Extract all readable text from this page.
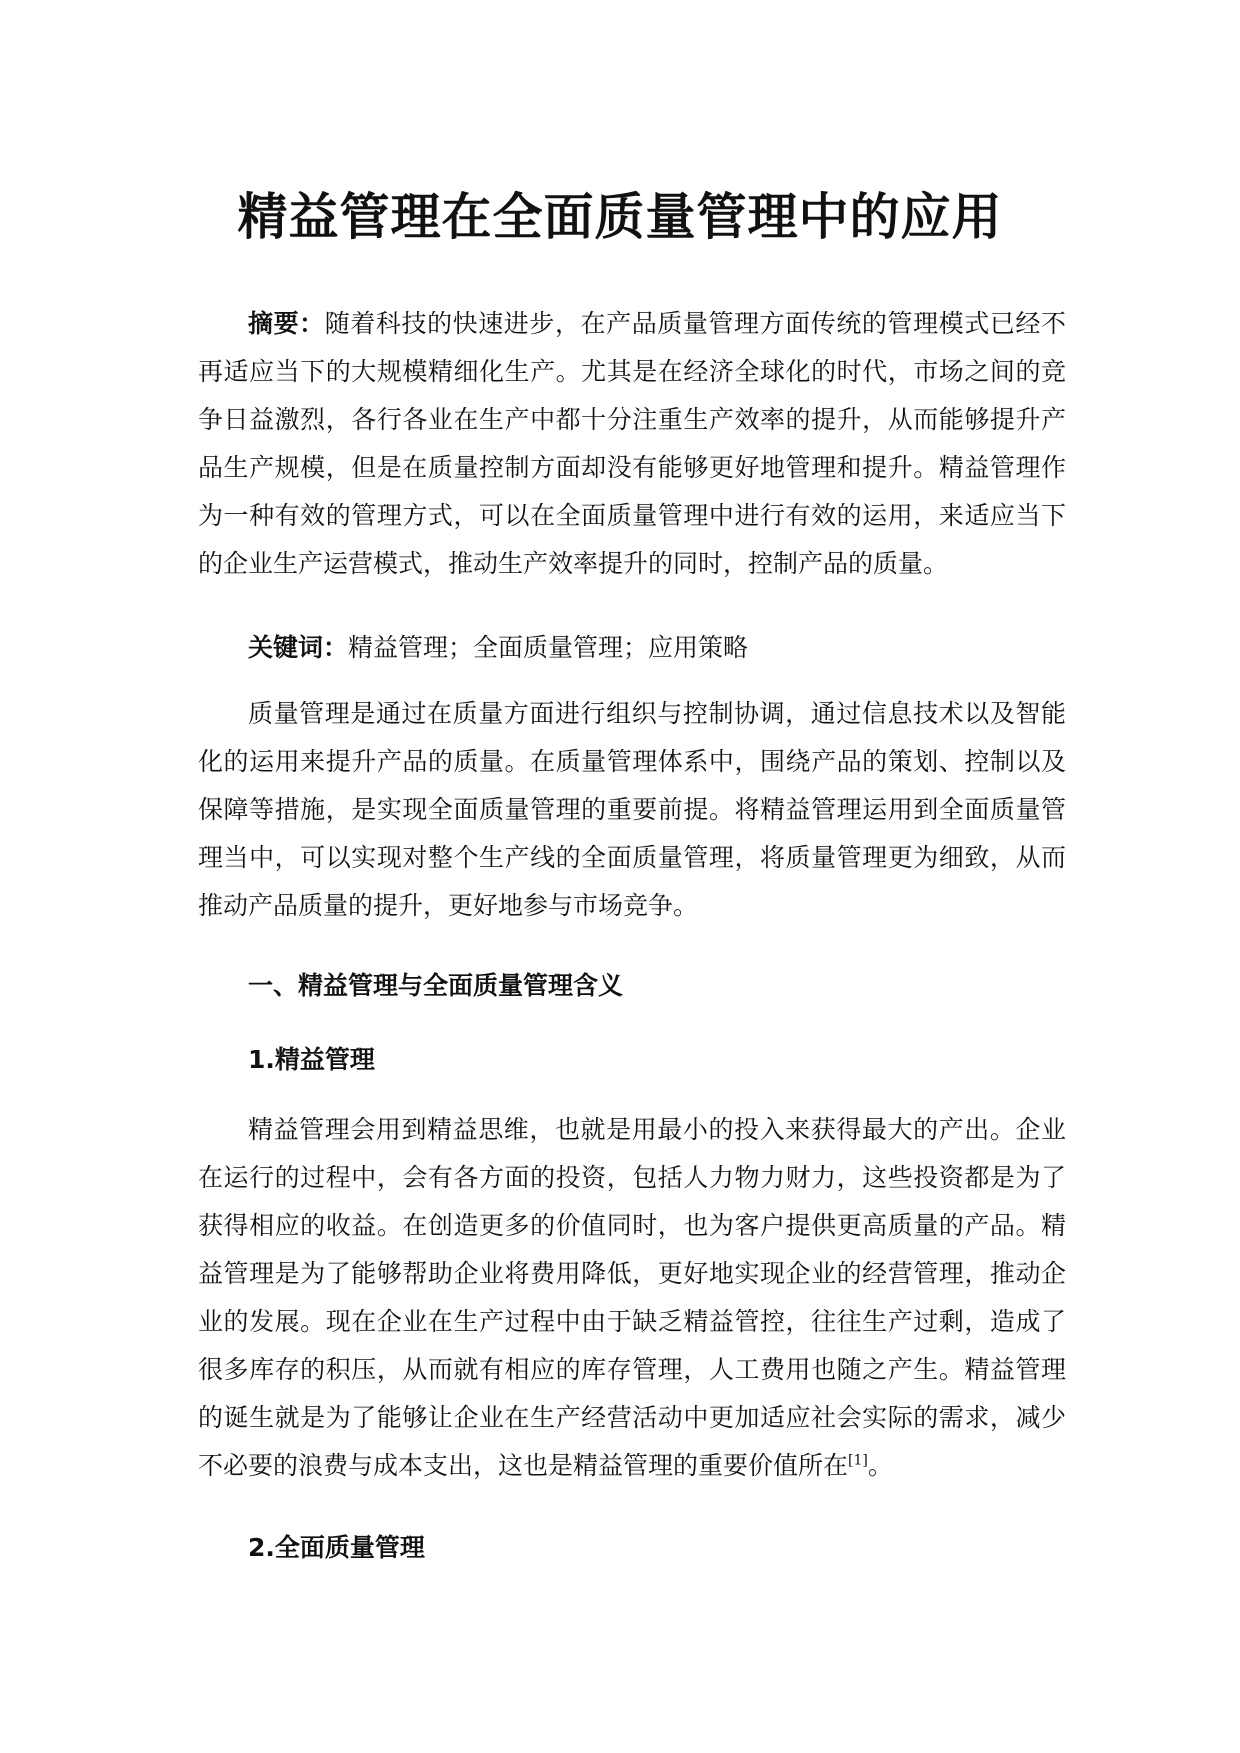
精益管理在全面质量管理中的应用

摘要：随着科技的快速进步，在产品质量管理方面传统的管理模式已经不再适应当下的大规模精细化生产。尤其是在经济全球化的时代，市场之间的竞争日益激烈，各行各业在生产中都十分注重生产效率的提升，从而能够提升产品生产规模，但是在质量控制方面却没有能够更好地管理和提升。精益管理作为一种有效的管理方式，可以在全面质量管理中进行有效的运用，来适应当下的企业生产运营模式，推动生产效率提升的同时，控制产品的质量。

关键词：精益管理；全面质量管理；应用策略

质量管理是通过在质量方面进行组织与控制协调，通过信息技术以及智能化的运用来提升产品的质量。在质量管理体系中，围绕产品的策划、控制以及保障等措施，是实现全面质量管理的重要前提。将精益管理运用到全面质量管理当中，可以实现对整个生产线的全面质量管理，将质量管理更为细致，从而推动产品质量的提升，更好地参与市场竞争。

一、精益管理与全面质量管理含义
1.精益管理

精益管理会用到精益思维，也就是用最小的投入来获得最大的产出。企业在运行的过程中，会有各方面的投资，包括人力物力财力，这些投资都是为了获得相应的收益。在创造更多的价值同时，也为客户提供更高质量的产品。精益管理是为了能够帮助企业将费用降低，更好地实现企业的经营管理，推动企业的发展。现在企业在生产过程中由于缺乏精益管控，往往生产过剩，造成了很多库存的积压，从而就有相应的库存管理，人工费用也随之产生。精益管理的诞生就是为了能够让企业在生产经营活动中更加适应社会实际的需求，减少不必要的浪费与成本支出，这也是精益管理的重要价值所在[1]。

2.全面质量管理
